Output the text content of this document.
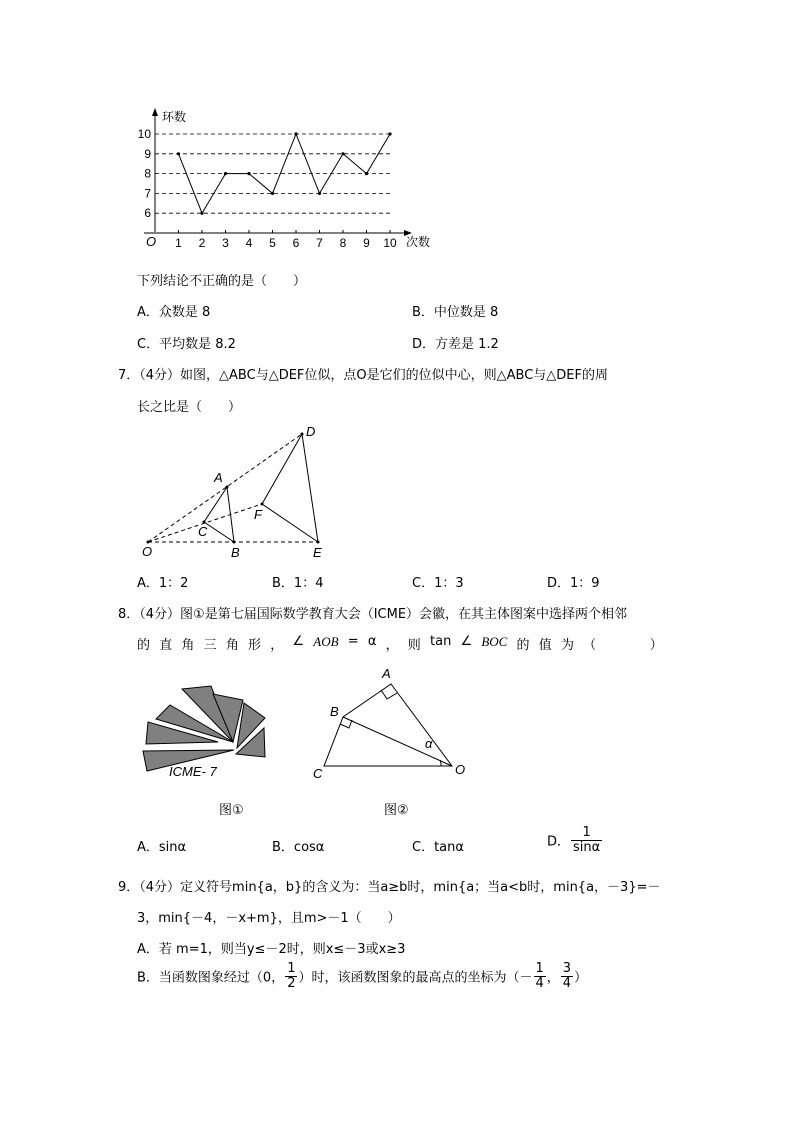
6
7
8
9
10
1 2 3 4 5 6 7 8 9 10
环数
次数
O
下列结论不正确的是（　　）
A．众数是 8	B．中位数是 8
C．平均数是 8.2	D．方差是 1.2
7．（4分）如图，△ABC与△DEF位似，点O是它们的位似中心，则△ABC与△DEF的周
长之比是（　　）
O
A
B
C
D
E
F
A．1：2	B．1：4	C．1：3	D．1：9
8．（4分）图①是第七届国际数学教育大会（ICME）会徽，在其主体图案中选择两个相邻
的 直 角 三 角 形 ， ∠ AOB = α ， 则 tan ∠ BOC 的 值 为 （

　	）
ICME- 7
A
B
C	O
α
图①	图②
A．sinα	B．cosα	C．tanα	D． $\frac{1}{\sin\alpha}$
9．（4分）定义符号min{a，b}的含义为：当a≥b时，min{a；当a<b时，min{a，－3}=－
3，min{－4，－x+m}，且m>－1（　　）
A．若 m=1，则当y≤－2时，则x≤－3或x≥3
B．当函数图象经过（0， $\frac{1}{2}$ ）时，该函数图象的最高点的坐标为（－ $\frac{1}{4}$ ， $\frac{3}{4}$ ）
